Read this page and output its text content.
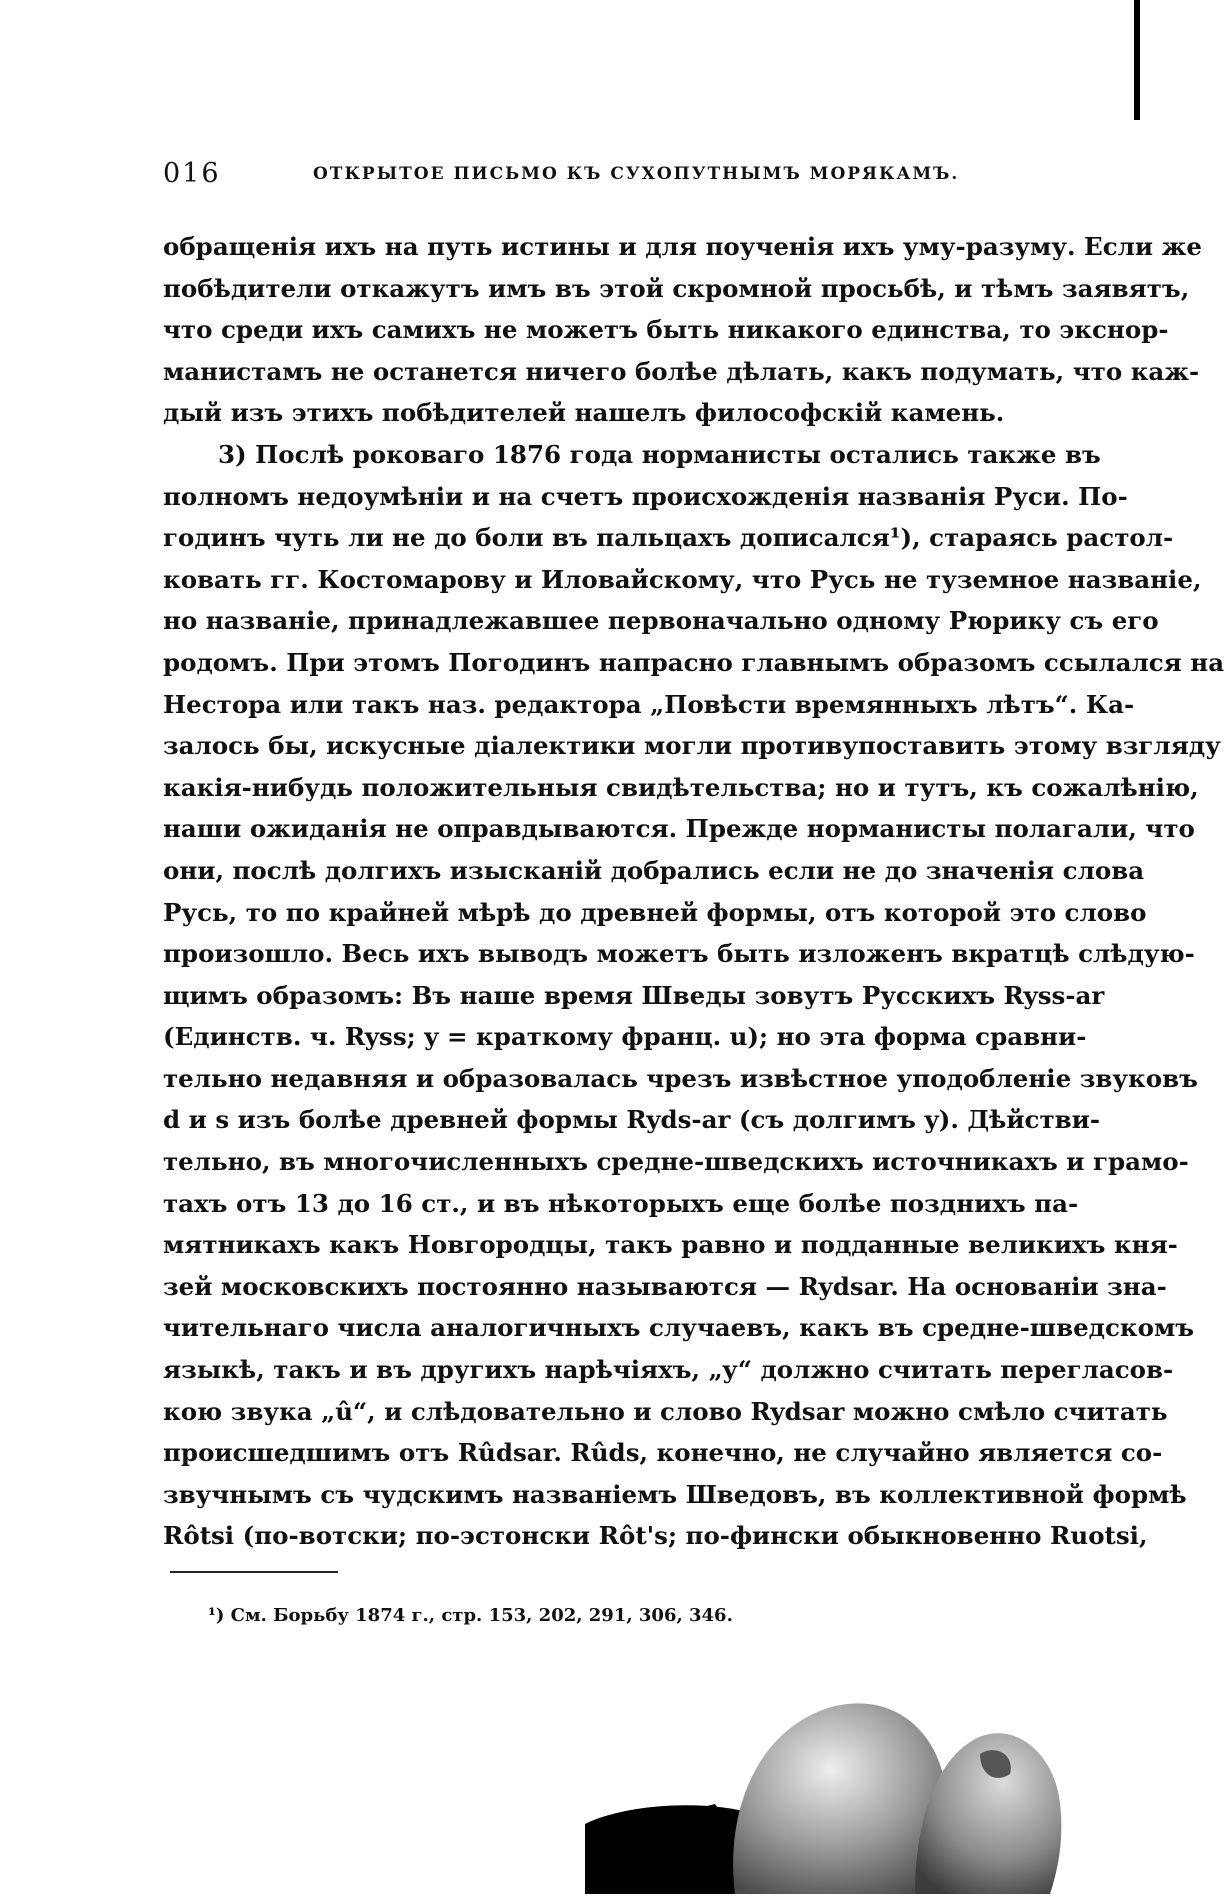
016	ОТКРЫТОЕ ПИСЬМО КЪ СУХОПУТНЫМЪ МОРЯКАМЪ.
обращенія ихъ на путь истины и для поученія ихъ уму-разуму. Если же
побѣдители откажутъ имъ въ этой скромной просьбѣ, и тѣмъ заявятъ,
что среди ихъ самихъ не можетъ быть никакого единства, то экснор-
манистамъ не останется ничего болѣе дѣлать, какъ подумать, что каж-
дый изъ этихъ побѣдителей нашелъ философскій камень.
3) Послѣ роковаго 1876 года норманисты остались также въ
полномъ недоумѣніи и на счетъ происхожденія названія Руси. По-
годинъ чуть ли не до боли въ пальцахъ дописался¹), стараясь растол-
ковать гг. Костомарову и Иловайскому, что Русь не туземное названіе,
но названіе, принадлежавшее первоначально одному Рюрику съ его
родомъ. При этомъ Погодинъ напрасно главнымъ образомъ ссылался на
Нестора или такъ наз. редактора „Повѣсти времянныхъ лѣтъ“. Ка-
залось бы, искусные діалектики могли противупоставить этому взгляду
какія-нибудь положительныя свидѣтельства; но и тутъ, къ сожалѣнію,
наши ожиданія не оправдываются. Прежде норманисты полагали, что
они, послѣ долгихъ изысканій добрались если не до значенія слова
Русь, то по крайней мѣрѣ до древней формы, отъ которой это слово
произошло. Весь ихъ выводъ можетъ быть изложенъ вкратцѣ слѣдую-
щимъ образомъ: Въ наше время Шведы зовутъ Русскихъ Ryss-ar
(Единств. ч. Ryss; y = краткому франц. u); но эта форма сравни-
тельно недавняя и образовалась чрезъ извѣстное уподобленіе звуковъ
d и s изъ болѣе древней формы Ryds-ar (съ долгимъ y). Дѣйстви-
тельно, въ многочисленныхъ средне-шведскихъ источникахъ и грамо-
тахъ отъ 13 до 16 ст., и въ нѣкоторыхъ еще болѣе позднихъ па-
мятникахъ какъ Новгородцы, такъ равно и подданные великихъ кня-
зей московскихъ постоянно называются — Rydsar. На основаніи зна-
чительнаго числа аналогичныхъ случаевъ, какъ въ средне-шведскомъ
языкѣ, такъ и въ другихъ нарѣчіяхъ, „y“ должно считать перегласов-
кою звука „û“, и слѣдовательно и слово Rydsar можно смѣло считать
происшедшимъ отъ Rûdsar. Rûds, конечно, не случайно является со-
звучнымъ съ чудскимъ названіемъ Шведовъ, въ коллективной формѣ
Rôtsi (по-вотски; по-эстонски Rôt's; по-фински обыкновенно Ruotsi,
¹) См. Борьбу 1874 г., стр. 153, 202, 291, 306, 346.
